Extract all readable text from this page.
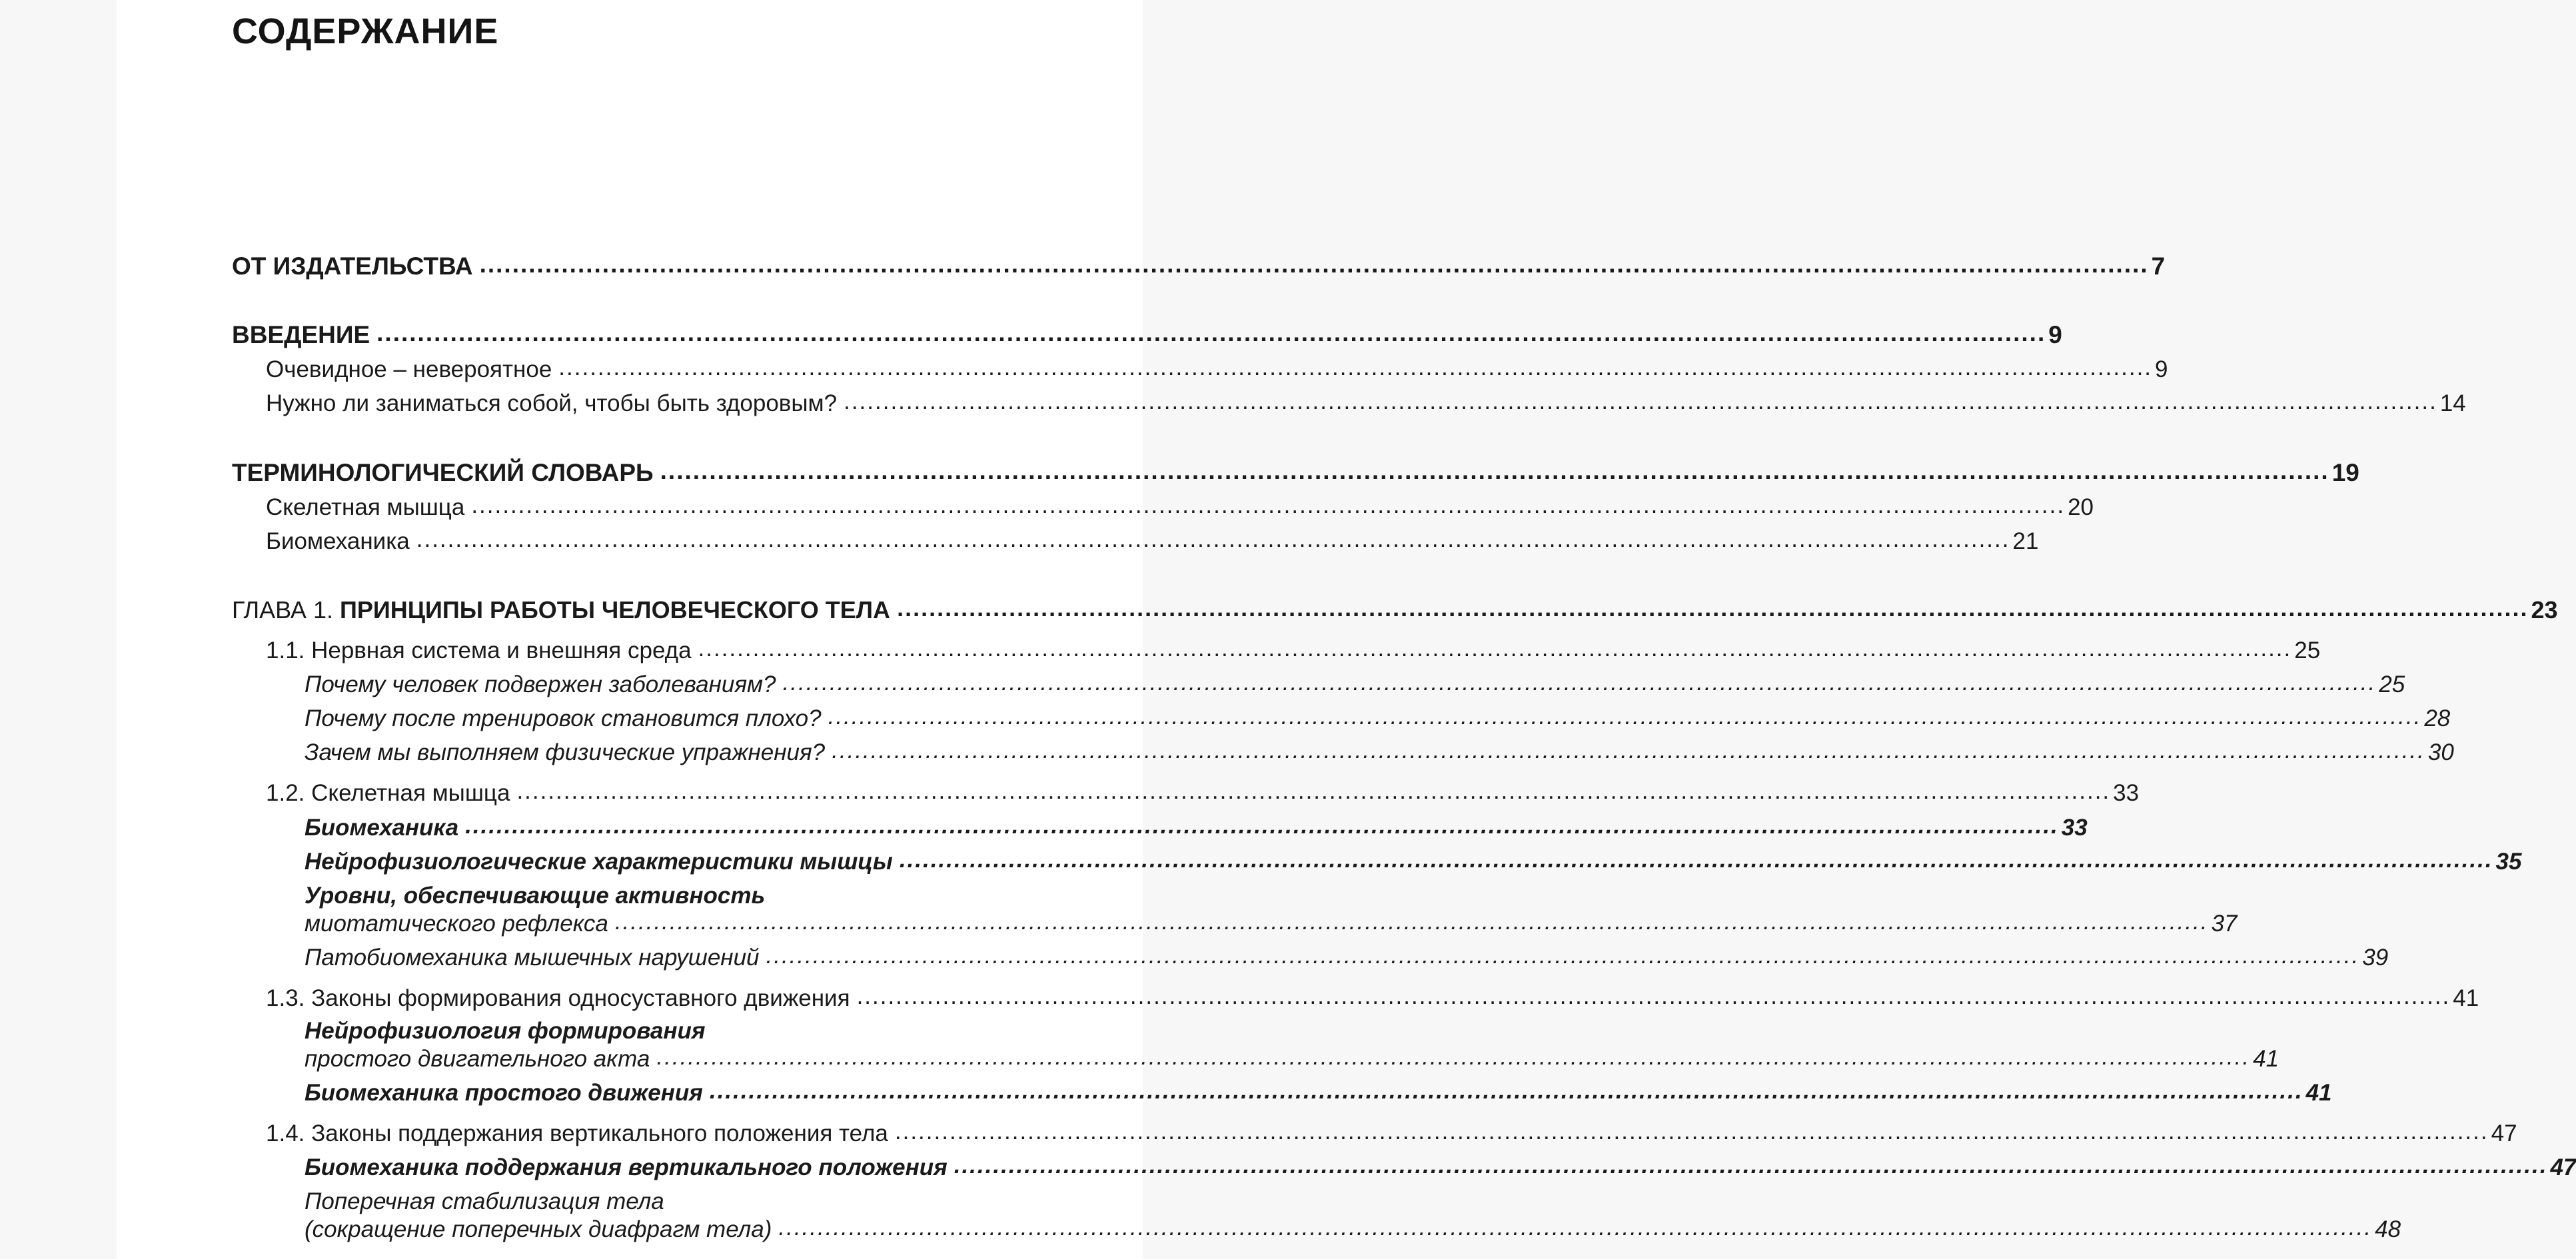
СОДЕРЖАНИЕ
ОТ ИЗДАТЕЛЬСТВА ............................................................................................................................................................................................................ 7
ВВЕДЕНИЕ ............................................................................................................................................................................................................ 9
Очевидное – невероятное ............................................................................................................................................................................................................ 9
Нужно ли заниматься собой, чтобы быть здоровым? ............................................................................................................................................................................................................ 14
ТЕРМИНОЛОГИЧЕСКИЙ СЛОВАРЬ ............................................................................................................................................................................................................ 19
Скелетная мышца ............................................................................................................................................................................................................ 20
Биомеханика ............................................................................................................................................................................................................ 21
ГЛАВА 1. ПРИНЦИПЫ РАБОТЫ ЧЕЛОВЕЧЕСКОГО ТЕЛА ............................................................................................................................................................................................................ 23
1.1. Нервная система и внешняя среда ............................................................................................................................................................................................................ 25
Почему человек подвержен заболеваниям? ............................................................................................................................................................................................................ 25
Почему после тренировок становится плохо? ............................................................................................................................................................................................................ 28
Зачем мы выполняем физические упражнения? ............................................................................................................................................................................................................ 30
1.2. Скелетная мышца ............................................................................................................................................................................................................ 33
Биомеханика ............................................................................................................................................................................................................ 33
Нейрофизиологические характеристики мышцы ............................................................................................................................................................................................................ 35
Уровни, обеспечивающие активность
миотатического рефлекса ............................................................................................................................................................................................................ 37
Патобиомеханика мышечных нарушений ............................................................................................................................................................................................................ 39
1.3. Законы формирования односуставного движения ............................................................................................................................................................................................................ 41
Нейрофизиология формирования
простого двигательного акта ............................................................................................................................................................................................................ 41
Биомеханика простого движения ............................................................................................................................................................................................................ 41
1.4. Законы поддержания вертикального положения тела ............................................................................................................................................................................................................ 47
Биомеханика поддержания вертикального положения ............................................................................................................................................................................................................ 47
Поперечная стабилизация тела
(сокращение поперечных диафрагм тела) ............................................................................................................................................................................................................ 48
